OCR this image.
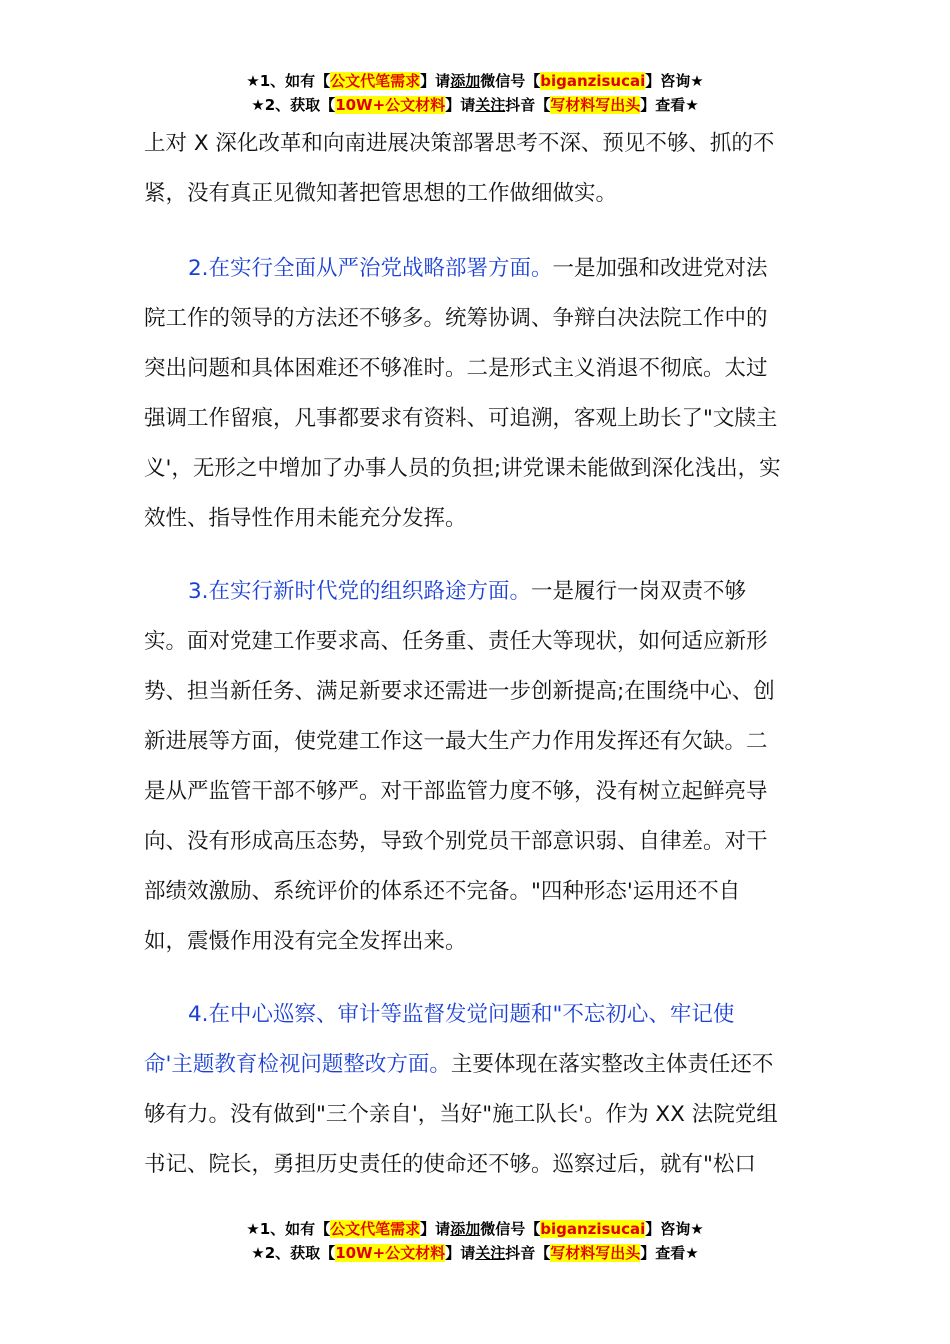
★1、如有【公文代笔需求】请添加微信号【biganzisucai】咨询★
★2、获取【10W+公文材料】请关注抖音【写材料写出头】查看★
上对 X 深化改革和向南进展决策部署思考不深、预见不够、抓的不
紧，没有真正见微知著把管思想的工作做细做实。
2.在实行全面从严治党战略部署方面。一是加强和改进党对法
院工作的领导的方法还不够多。统筹协调、争辩白决法院工作中的
突出问题和具体困难还不够准时。二是形式主义消退不彻底。太过
强调工作留痕，凡事都要求有资料、可追溯，客观上助长了"文牍主
义'，无形之中增加了办事人员的负担;讲党课未能做到深化浅出，实
效性、指导性作用未能充分发挥。
3.在实行新时代党的组织路途方面。一是履行一岗双责不够
实。面对党建工作要求高、任务重、责任大等现状，如何适应新形
势、担当新任务、满足新要求还需进一步创新提高;在围绕中心、创
新进展等方面，使党建工作这一最大生产力作用发挥还有欠缺。二
是从严监管干部不够严。对干部监管力度不够，没有树立起鲜亮导
向、没有形成高压态势，导致个别党员干部意识弱、自律差。对干
部绩效激励、系统评价的体系还不完备。"四种形态'运用还不自
如，震慑作用没有完全发挥出来。
4.在中心巡察、审计等监督发觉问题和"不忘初心、牢记使
命'主题教育检视问题整改方面。主要体现在落实整改主体责任还不
够有力。没有做到"三个亲自'，当好"施工队长'。作为 XX 法院党组
书记、院长，勇担历史责任的使命还不够。巡察过后，就有"松口
★1、如有【公文代笔需求】请添加微信号【biganzisucai】咨询★
★2、获取【10W+公文材料】请关注抖音【写材料写出头】查看★
